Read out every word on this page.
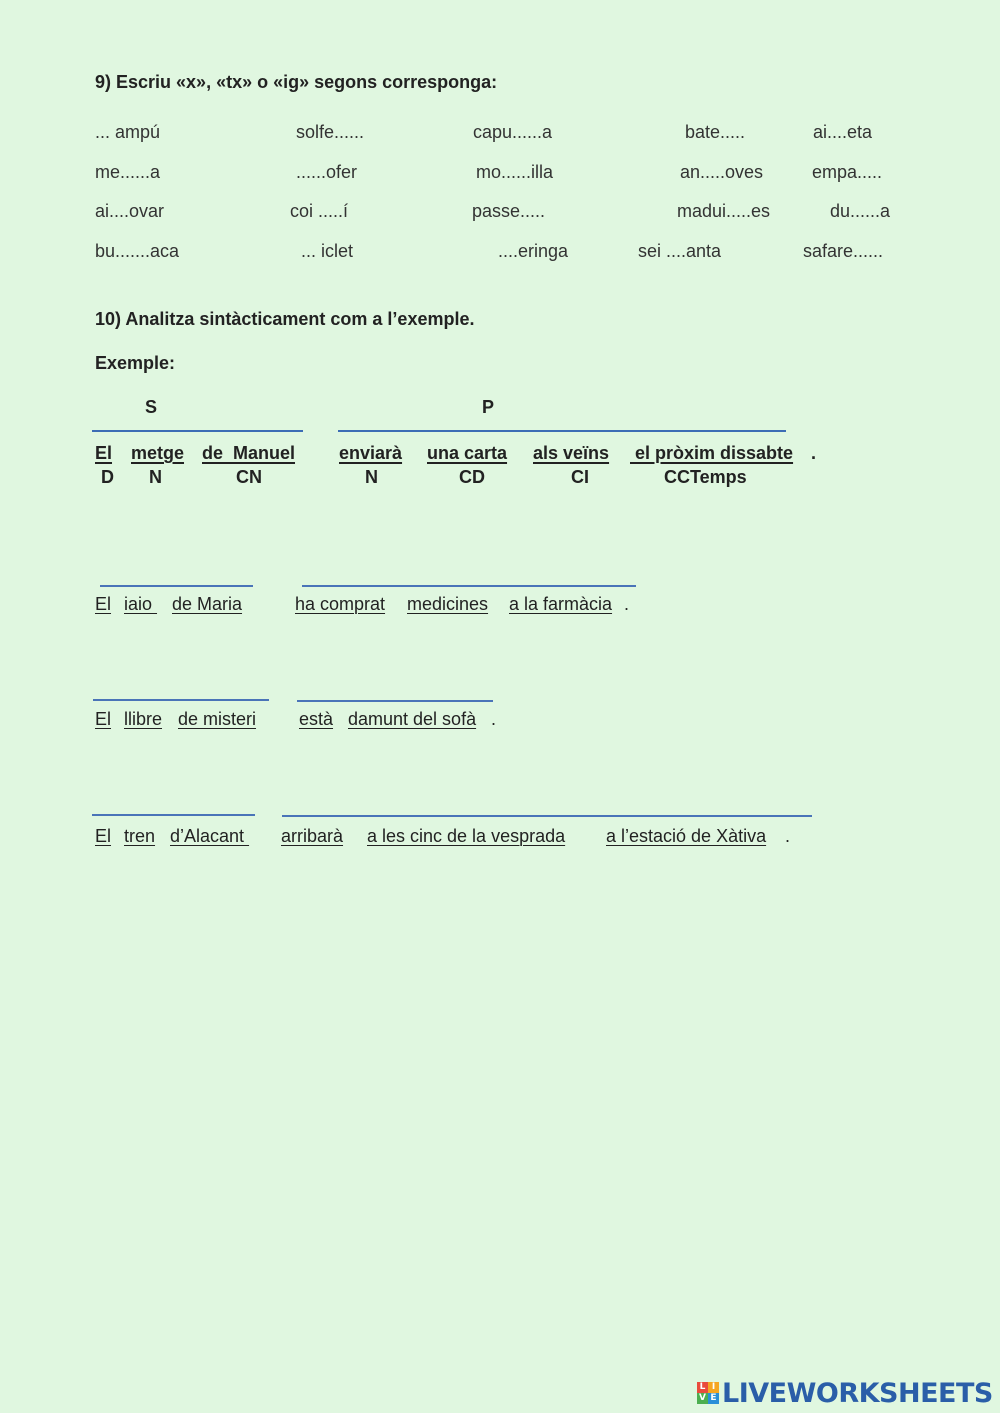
9) Escriu «x», «tx» o «ig» segons corresponga:
... ampú	solfe......	capu......a	bate.....	ai....eta
me......a	......ofer	mo......illa	an.....oves	empa.....
ai....ovar	coi .....í	passe.....	madui.....es	du......a
bu.......aca	... iclet	....eringa	sei ....anta	safare......
10) Analitza sintàcticament com a l’exemple.
Exemple:
S	P
El metge de  Manuel enviarà una carta als veïns el pròxim dissabte .
D N	CN	N	CD	CI	CCTemps
El iaio de Maria	ha comprat medicines a la farmàcia .
El llibre de misteri està damunt del sofà .
El tren d’Alacant arribarà a les cinc de la vesprada a l’estació de Xàtiva .
L I
V E LIVEWORKSHEETS
